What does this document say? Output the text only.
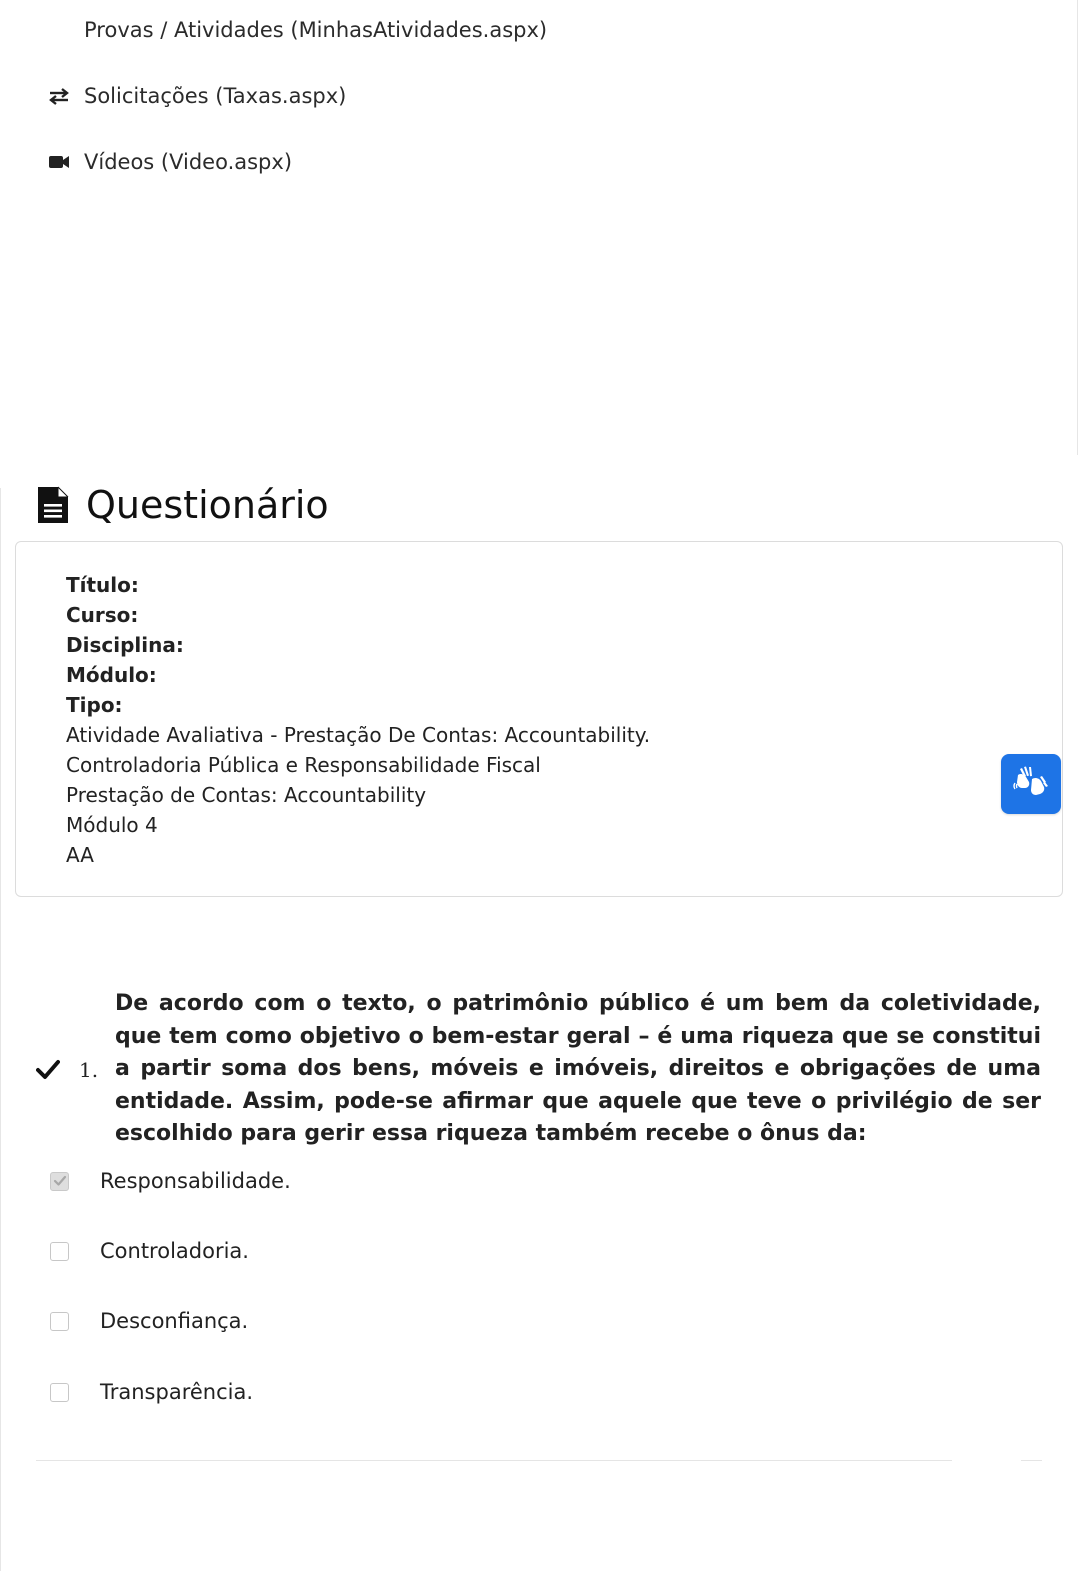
Provas / Atividades (MinhasAtividades.aspx)
Solicitações (Taxas.aspx)
Vídeos (Video.aspx)
Questionário
Título:
Curso:
Disciplina:
Módulo:
Tipo:
Atividade Avaliativa - Prestação De Contas: Accountability.
Controladoria Pública e Responsabilidade Fiscal
Prestação de Contas: Accountability
Módulo 4
AA
1.
De acordo com o texto, o patrimônio público é um bem da coletividade, que tem como objetivo o bem-estar geral – é uma riqueza que se constitui a partir soma dos bens, móveis e imóveis, direitos e obrigações de uma entidade. Assim, pode-se afirmar que aquele que teve o privilégio de ser escolhido para gerir essa riqueza também recebe o ônus da:
Responsabilidade.
Controladoria.
Desconfiança.
Transparência.
